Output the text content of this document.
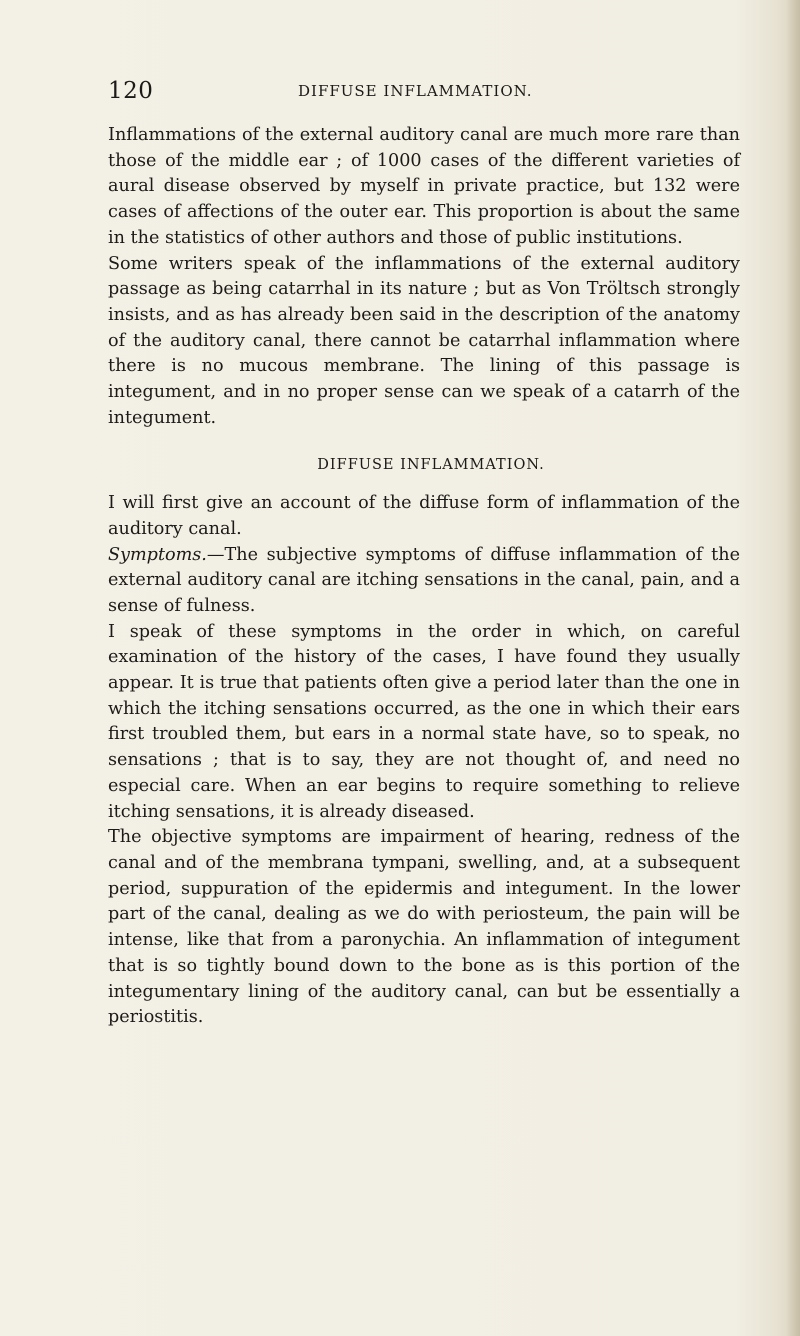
120	DIFFUSE INFLAMMATION.

Inflammations of the external auditory canal are much more rare than those of the middle ear ; of 1000 cases of the different varieties of aural disease observed by myself in private practice, but 132 were cases of affections of the outer ear. This proportion is about the same in the statistics of other authors and those of public institutions.

Some writers speak of the inflammations of the external auditory passage as being catarrhal in its nature ; but as Von Tröltsch strongly insists, and as has already been said in the description of the anatomy of the auditory canal, there cannot be catarrhal inflammation where there is no mucous membrane. The lining of this passage is integument, and in no proper sense can we speak of a catarrh of the integument.

DIFFUSE INFLAMMATION.

I will first give an account of the diffuse form of inflammation of the auditory canal.

Symptoms.—The subjective symptoms of diffuse inflammation of the external auditory canal are itching sensations in the canal, pain, and a sense of fulness.

I speak of these symptoms in the order in which, on careful examination of the history of the cases, I have found they usually appear. It is true that patients often give a period later than the one in which the itching sensations occurred, as the one in which their ears first troubled them, but ears in a normal state have, so to speak, no sensations ; that is to say, they are not thought of, and need no especial care. When an ear begins to require something to relieve itching sensations, it is already diseased.

The objective symptoms are impairment of hearing, redness of the canal and of the membrana tympani, swelling, and, at a subsequent period, suppuration of the epidermis and integument. In the lower part of the canal, dealing as we do with periosteum, the pain will be intense, like that from a paronychia. An inflammation of integument that is so tightly bound down to the bone as is this portion of the integumentary lining of the auditory canal, can but be essentially a periostitis.
